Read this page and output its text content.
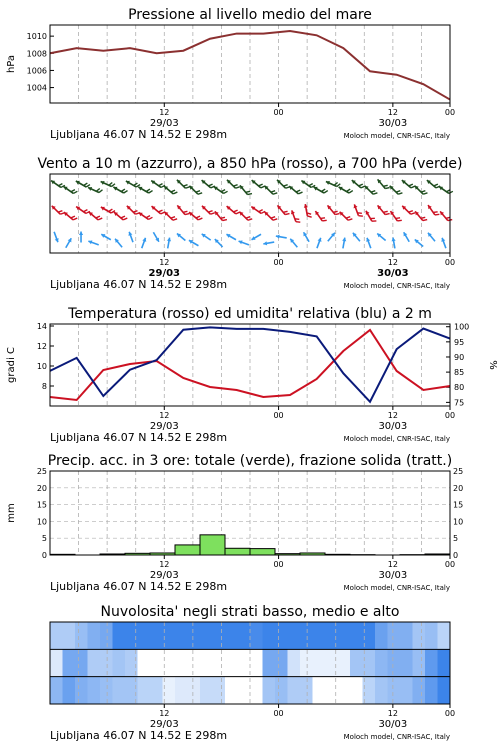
Pressione al livello medio del mare
12	00	12	00
29/03	30/03
Ljubljana 46.07 N 14.52 E 298m	Moloch model, CNR-ISAC, Italy
hPa
1004
1006
1008
1010
Vento a 10 m (azzurro), a 850 hPa (rosso), a 700 hPa (verde)
12	00	12	00
29/03	30/03
Ljubljana 46.07 N 14.52 E 298m	Moloch model, CNR-ISAC, Italy
Temperatura (rosso) ed umidita' relativa (blu) a 2 m
12	00	12	00
29/03	30/03
Ljubljana 46.07 N 14.52 E 298m	Moloch model, CNR-ISAC, Italy
gradi C	%
8
10
12
14
75
80
85
90
95
100
Precip. acc. in 3 ore: totale (verde), frazione solida (tratt.)
12	00	12	00
29/03	30/03
Ljubljana 46.07 N 14.52 E 298m	Moloch model, CNR-ISAC, Italy
mm
0	0
5	5
10	10
15	15
20	20
25	25
Nuvolosita' negli strati basso, medio e alto
12	00	12	00
29/03	30/03
Ljubljana 46.07 N 14.52 E 298m	Moloch model, CNR-ISAC, Italy
